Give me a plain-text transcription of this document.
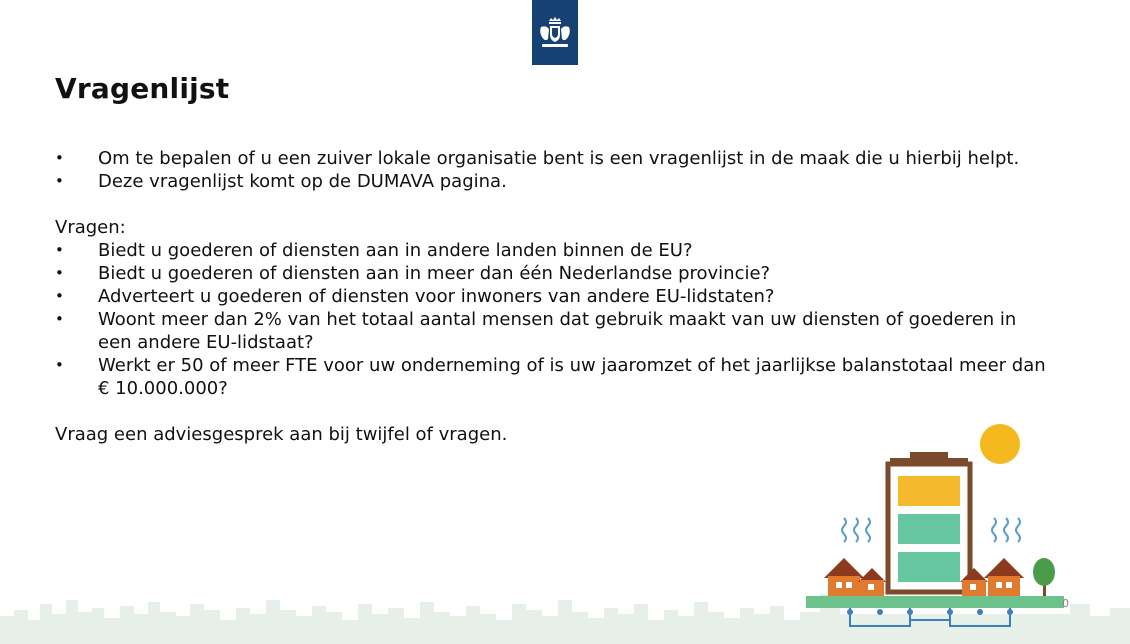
Vragenlijst
• Om te bepalen of u een zuiver lokale organisatie bent is een vragenlijst in de maak die u hierbij helpt.
• Deze vragenlijst komt op de DUMAVA pagina.
Vragen:
• Biedt u goederen of diensten aan in andere landen binnen de EU?
• Biedt u goederen of diensten aan in meer dan één Nederlandse provincie?
• Adverteert u goederen of diensten voor inwoners van andere EU-lidstaten?
• Woont meer dan 2% van het totaal aantal mensen dat gebruik maakt van uw diensten of goederen in een andere EU-lidstaat?
• Werkt er 50 of meer FTE voor uw onderneming of is uw jaaromzet of het jaarlijkse balanstotaal meer dan € 10.000.000?
Vraag een adviesgesprek aan bij twijfel of vragen.
0
